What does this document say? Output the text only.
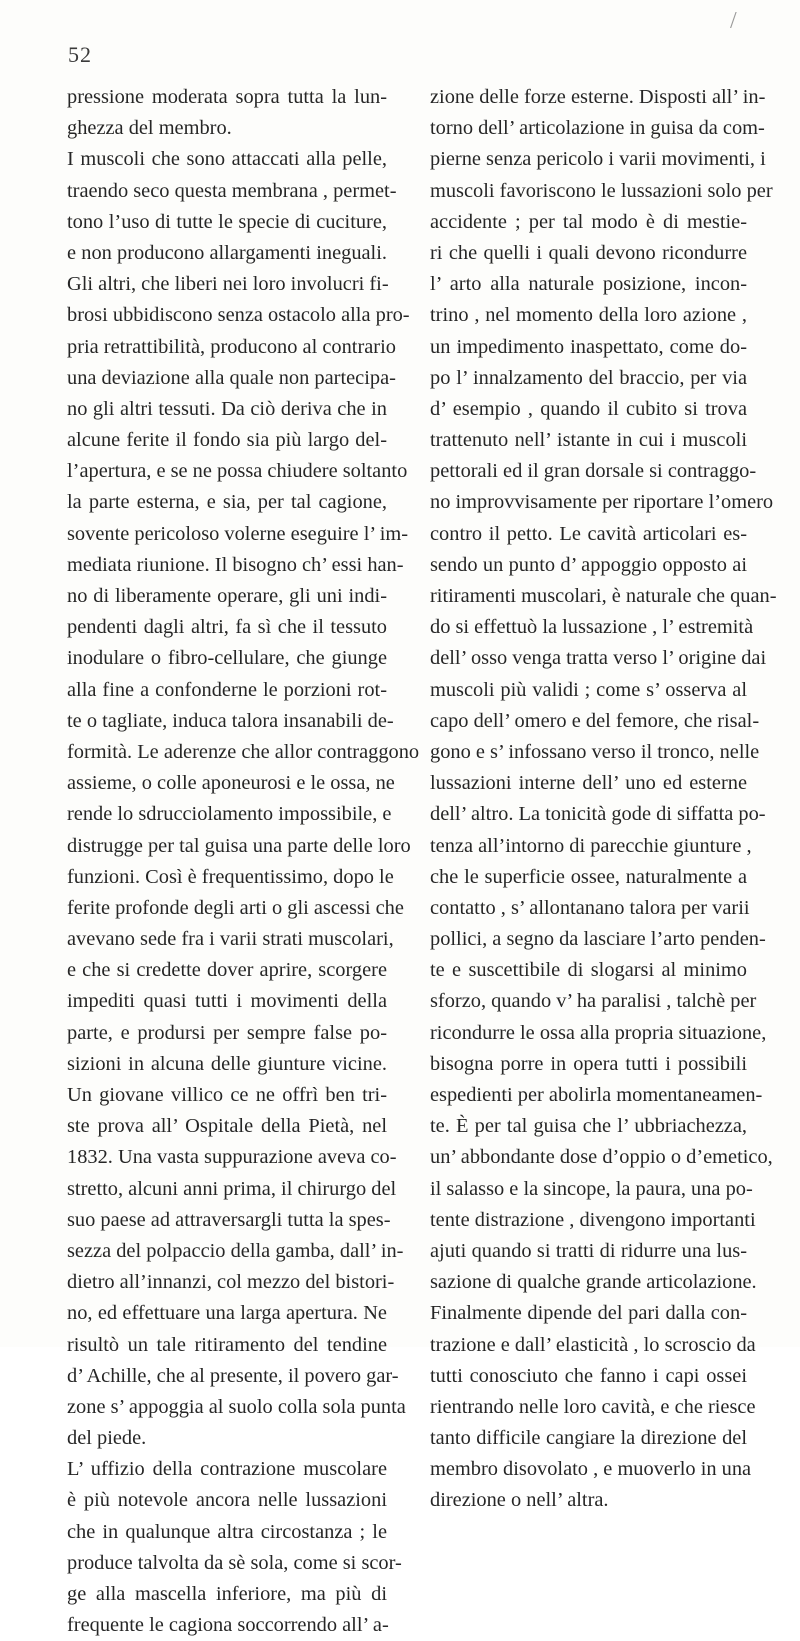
52
/
pressione moderata sopra tutta la lun-
ghezza del membro.
I muscoli che sono attaccati alla pelle,
traendo seco questa membrana , permet-
tono l’uso di tutte le specie di cuciture,
e non producono allargamenti ineguali.
Gli altri, che liberi nei loro involucri fi-
brosi ubbidiscono senza ostacolo alla pro-
pria retrattibilità, producono al contrario
una deviazione alla quale non partecipa-
no gli altri tessuti. Da ciò deriva che in
alcune ferite il fondo sia più largo del-
l’apertura, e se ne possa chiudere soltanto
la parte esterna, e sia, per tal cagione,
sovente pericoloso volerne eseguire l’ im-
mediata riunione. Il bisogno ch’ essi han-
no di liberamente operare, gli uni indi-
pendenti dagli altri, fa sì che il tessuto
inodulare o fibro-cellulare, che giunge
alla fine a confonderne le porzioni rot-
te o tagliate, induca talora insanabili de-
formità. Le aderenze che allor contraggono
assieme, o colle aponeurosi e le ossa, ne
rende lo sdrucciolamento impossibile, e
distrugge per tal guisa una parte delle loro
funzioni. Così è frequentissimo, dopo le
ferite profonde degli arti o gli ascessi che
avevano sede fra i varii strati muscolari,
e che si credette dover aprire, scorgere
impediti quasi tutti i movimenti della
parte, e prodursi per sempre false po-
sizioni in alcuna delle giunture vicine.
Un giovane villico ce ne offrì ben tri-
ste prova all’ Ospitale della Pietà, nel
1832. Una vasta suppurazione aveva co-
stretto, alcuni anni prima, il chirurgo del
suo paese ad attraversargli tutta la spes-
sezza del polpaccio della gamba, dall’ in-
dietro all’innanzi, col mezzo del bistori-
no, ed effettuare una larga apertura. Ne
risultò un tale ritiramento del tendine
d’ Achille, che al presente, il povero gar-
zone s’ appoggia al suolo colla sola punta
del piede.
L’ uffizio della contrazione muscolare
è più notevole ancora nelle lussazioni
che in qualunque altra circostanza ; le
produce talvolta da sè sola, come si scor-
ge alla mascella inferiore, ma più di
frequente le cagiona soccorrendo all’ a-
zione delle forze esterne. Disposti all’ in-
torno dell’ articolazione in guisa da com-
pierne senza pericolo i varii movimenti, i
muscoli favoriscono le lussazioni solo per
accidente ; per tal modo è di mestie-
ri che quelli i quali devono ricondurre
l’ arto alla naturale posizione, incon-
trino , nel momento della loro azione ,
un impedimento inaspettato, come do-
po l’ innalzamento del braccio, per via
d’ esempio , quando il cubito si trova
trattenuto nell’ istante in cui i muscoli
pettorali ed il gran dorsale si contraggo-
no improvvisamente per riportare l’omero
contro il petto. Le cavità articolari es-
sendo un punto d’ appoggio opposto ai
ritiramenti muscolari, è naturale che quan-
do si effettuò la lussazione , l’ estremità
dell’ osso venga tratta verso l’ origine dai
muscoli più validi ; come s’ osserva al
capo dell’ omero e del femore, che risal-
gono e s’ infossano verso il tronco, nelle
lussazioni interne dell’ uno ed esterne
dell’ altro. La tonicità gode di siffatta po-
tenza all’intorno di parecchie giunture ,
che le superficie ossee, naturalmente a
contatto , s’ allontanano talora per varii
pollici, a segno da lasciare l’arto penden-
te e suscettibile di slogarsi al minimo
sforzo, quando v’ ha paralisi , talchè per
ricondurre le ossa alla propria situazione,
bisogna porre in opera tutti i possibili
espedienti per abolirla momentaneamen-
te. È per tal guisa che l’ ubbriachezza,
un’ abbondante dose d’oppio o d’emetico,
il salasso e la sincope, la paura, una po-
tente distrazione , divengono importanti
ajuti quando si tratti di ridurre una lus-
sazione di qualche grande articolazione.
Finalmente dipende del pari dalla con-
trazione e dall’ elasticità , lo scroscio da
tutti conosciuto che fanno i capi ossei
rientrando nelle loro cavità, e che riesce
tanto difficile cangiare la direzione del
membro disovolato , e muoverlo in una
direzione o nell’ altra.
